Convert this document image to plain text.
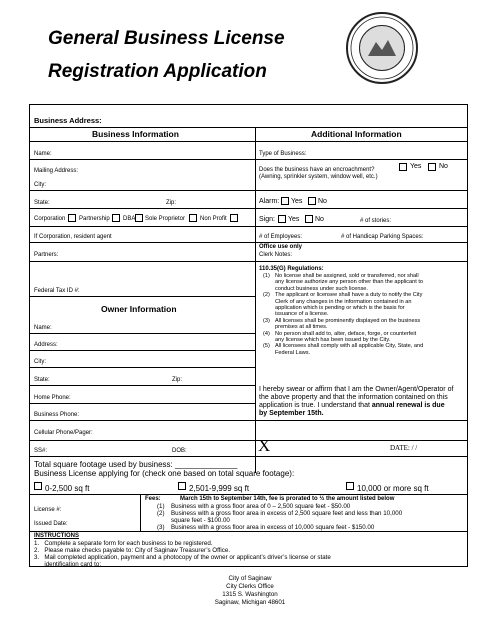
General Business License
Registration Application
Business Address:
Business Information	Additional Information
Name:
Mailing Address:
City:
State:	Zip:
Corporation Partnership DBA Sole Proprietor Non Profit
If Corporation, resident agent
Partners:
Federal Tax ID #:
Owner Information
Name:
Address:
City:
State:	Zip:
Home Phone:
Business Phone:
Cellular Phone/Pager:
SS#:	DOB:
Type of Business:
Does the business have an encroachment?
(Awning, sprinkler system, window well, etc.)
Yes	No
Alarm: Yes No
Sign: Yes No	# of stories:
# of Employees:	# of Handicap Parking Spaces:
Office use only
Clerk Notes:
110.35(G) Regulations:
(1) No license shall be assigned, sold or transferred, nor shall

any license authorize any person other than the applicant to

conduct business under such license.

(2) The applicant or licensee shall have a duty to notify the City

Clerk of any changes in the information contained in an

application which is pending or which is the basis for

issuance of a license.

(3) All licenses shall be prominently displayed on the business

premises at all times.

(4) No person shall add to, alter, deface, forge, or counterfeit

any license which has been issued by the City.

(5) All licensees shall comply with all applicable City, State, and

Federal Laws.

I hereby swear or affirm that I am the Owner/Agent/Operator of
the above property and that the information contained on this
application is true. I understand that annual renewal is due
by September 15th.
X	DATE: / /
Total square footage used by business: ______________
Business License applying for (check one based on total square footage):
0-2,500 sq ft	2,501-9,999 sq ft	10,000 or more sq ft
License #:
Issued Date:
Fees:	March 15th to September 14th, fee is prorated to ½ the amount listed below
(1) Business with a gross floor area of 0 – 2,500 square feet - $50.00
(2) Business with a gross floor area in excess of 2,500 square feet and less than 10,000
square feet - $100.00
(3) Business with a gross floor area in excess of 10,000 square feet - $150.00
INSTRUCTIONS
1.   Complete a separate form for each business to be registered.
2.   Please make checks payable to: City of Saginaw Treasurer’s Office.
3.   Mail completed application, payment and a photocopy of the owner or applicant’s driver’s license or state
identification card to:
City of Saginaw
City Clerks Office
1315 S. Washington
Saginaw, Michigan 48601
